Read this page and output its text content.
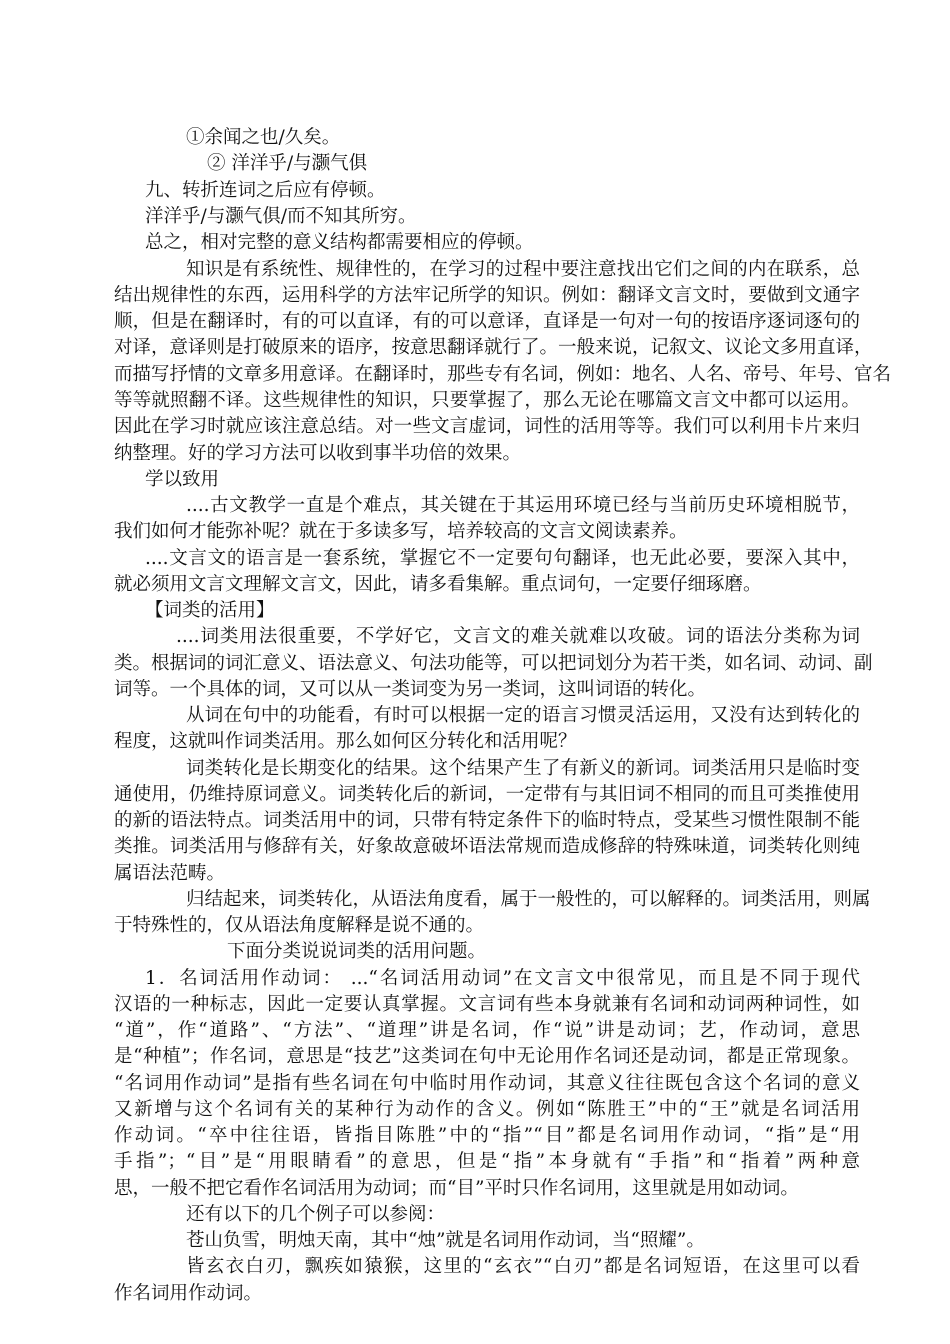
①余闻之也/久矣。
② 洋洋乎/与灏气俱
九、转折连词之后应有停顿。
洋洋乎/与灏气俱/而不知其所穷。
总之，相对完整的意义结构都需要相应的停顿。
知识是有系统性、规律性的，在学习的过程中要注意找出它们之间的内在联系，总
结出规律性的东西，运用科学的方法牢记所学的知识。例如：翻译文言文时，要做到文通字
顺，但是在翻译时，有的可以直译，有的可以意译，直译是一句对一句的按语序逐词逐句的
对译，意译则是打破原来的语序，按意思翻译就行了。一般来说，记叙文、议论文多用直译，
而描写抒情的文章多用意译。在翻译时，那些专有名词，例如：地名、人名、帝号、年号、官名
等等就照翻不译。这些规律性的知识，只要掌握了，那么无论在哪篇文言文中都可以运用。
因此在学习时就应该注意总结。对一些文言虚词，词性的活用等等。我们可以利用卡片来归
纳整理。好的学习方法可以收到事半功倍的效果。
学以致用
....古文教学一直是个难点，其关键在于其运用环境已经与当前历史环境相脱节，
我们如何才能弥补呢？就在于多读多写，培养较高的文言文阅读素养。
....文言文的语言是一套系统，掌握它不一定要句句翻译，也无此必要，要深入其中，
就必须用文言文理解文言文，因此，请多看集解。重点词句，一定要仔细琢磨。
【词类的活用】
....词类用法很重要，不学好它，文言文的难关就难以攻破。词的语法分类称为词
类。根据词的词汇意义、语法意义、句法功能等，可以把词划分为若干类，如名词、动词、副
词等。一个具体的词，又可以从一类词变为另一类词，这叫词语的转化。
从词在句中的功能看，有时可以根据一定的语言习惯灵活运用，又没有达到转化的
程度，这就叫作词类活用。那么如何区分转化和活用呢？
词类转化是长期变化的结果。这个结果产生了有新义的新词。词类活用只是临时变
通使用，仍维持原词意义。词类转化后的新词，一定带有与其旧词不相同的而且可类推使用
的新的语法特点。词类活用中的词，只带有特定条件下的临时特点，受某些习惯性限制不能
类推。词类活用与修辞有关，好象故意破坏语法常规而造成修辞的特殊味道，词类转化则纯
属语法范畴。
归结起来，词类转化，从语法角度看，属于一般性的，可以解释的。词类活用，则属
于特殊性的，仅从语法角度解释是说不通的。
下面分类说说词类的活用问题。
1．名词活用作动词： ...“名词活用动词”在文言文中很常见，而且是不同于现代
汉语的一种标志，因此一定要认真掌握。文言词有些本身就兼有名词和动词两种词性，如
“道”，作“道路”、“方法”、“道理”讲是名词，作“说”讲是动词；艺，作动词，意思
是“种植”；作名词，意思是“技艺”这类词在句中无论用作名词还是动词，都是正常现象。
“名词用作动词”是指有些名词在句中临时用作动词，其意义往往既包含这个名词的意义
又新增与这个名词有关的某种行为动作的含义。例如“陈胜王”中的“王”就是名词活用
作动词。“卒中往往语，皆指目陈胜”中的“指”“目”都是名词用作动词，“指”是“用
手指”；“目”是“用眼睛看”的意思，但是“指”本身就有“手指”和“指着”两种意
思，一般不把它看作名词活用为动词；而“目”平时只作名词用，这里就是用如动词。
还有以下的几个例子可以参阅：
苍山负雪，明烛天南，其中“烛”就是名词用作动词，当“照耀”。
皆玄衣白刃，飘疾如猿猴，这里的“玄衣”“白刃”都是名词短语，在这里可以看
作名词用作动词。
